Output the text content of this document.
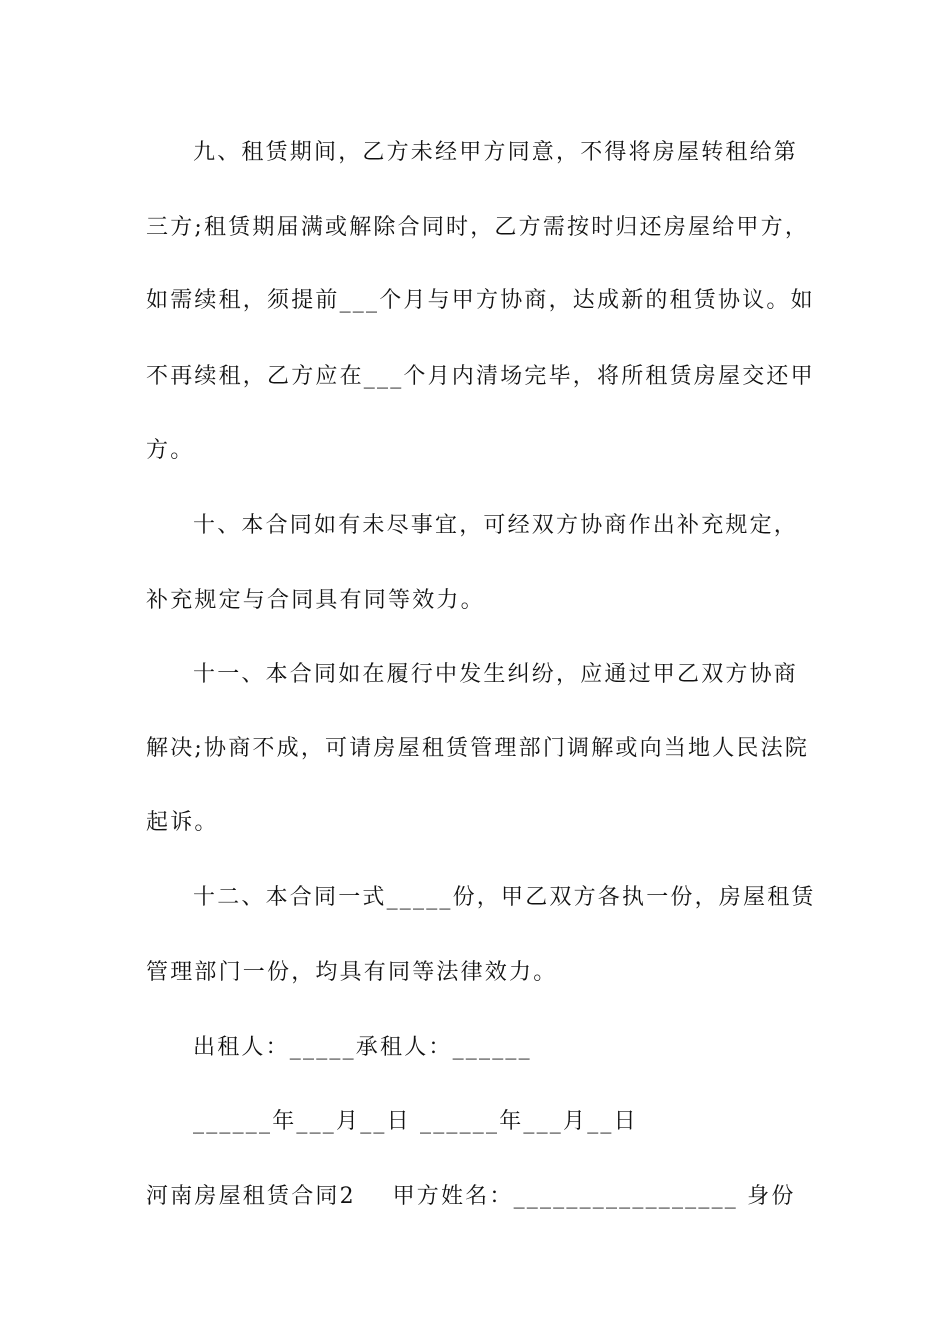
九、租赁期间，乙方未经甲方同意，不得将房屋转租给第
三方;租赁期届满或解除合同时，乙方需按时归还房屋给甲方，
如需续租，须提前___个月与甲方协商，达成新的租赁协议。如
不再续租，乙方应在___个月内清场完毕，将所租赁房屋交还甲
方。
十、本合同如有未尽事宜，可经双方协商作出补充规定，
补充规定与合同具有同等效力。
十一、本合同如在履行中发生纠纷，应通过甲乙双方协商
解决;协商不成，可请房屋租赁管理部门调解或向当地人民法院
起诉。
十二、本合同一式_____份，甲乙双方各执一份，房屋租赁
管理部门一份，均具有同等法律效力。
出租人：_____承租人：______
______年___月__日 ______年___月__日
河南房屋租赁合同2    甲方姓名：_________________ 身份
